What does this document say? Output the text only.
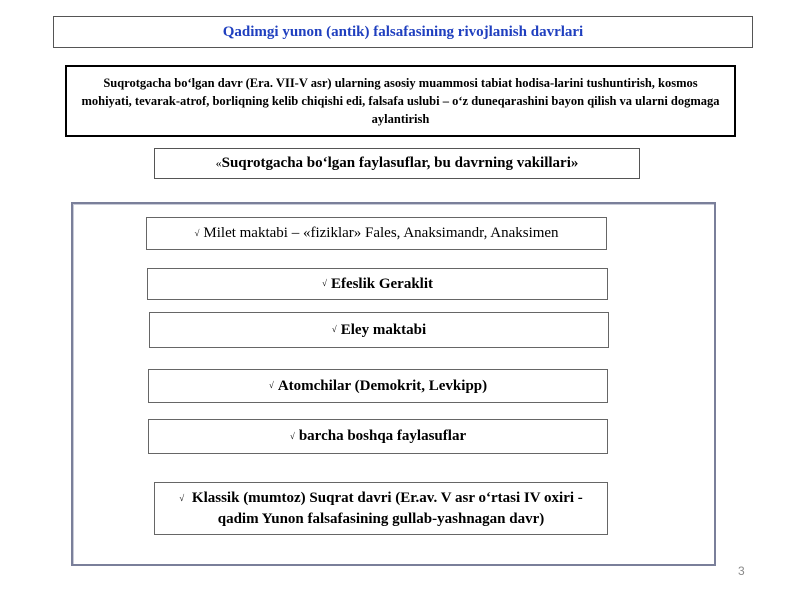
Qadimgi yunon (antik) falsafasining rivojlanish davrlari
Suqrotgacha boʻlgan davr (Era. VII-V asr) ularning asosiy muammosi tabiat hodisa-larini tushuntirish, kosmos mohiyati, tevarak-atrof, borliqning kelib chiqishi edi, falsafa uslubi – oʻz duneqarashini bayon qilish va ularni dogmaga aylantirish
« Suqrotgacha boʻlgan faylasuflar, bu davrning vakillari»
√ Milet maktabi – «fiziklar» Fales, Anaksimandr, Anaksimen
√ Efeslik Geraklit
√ Eley maktabi
√ Atomchilar (Demokrit, Levkipp)
√ barcha boshqa faylasuflar
√ Klassik (mumtoz) Suqrat davri (Er.av. V asr oʻrtasi IV oxiri - qadim Yunon falsafasining gullab-yashnagan davr)
3
